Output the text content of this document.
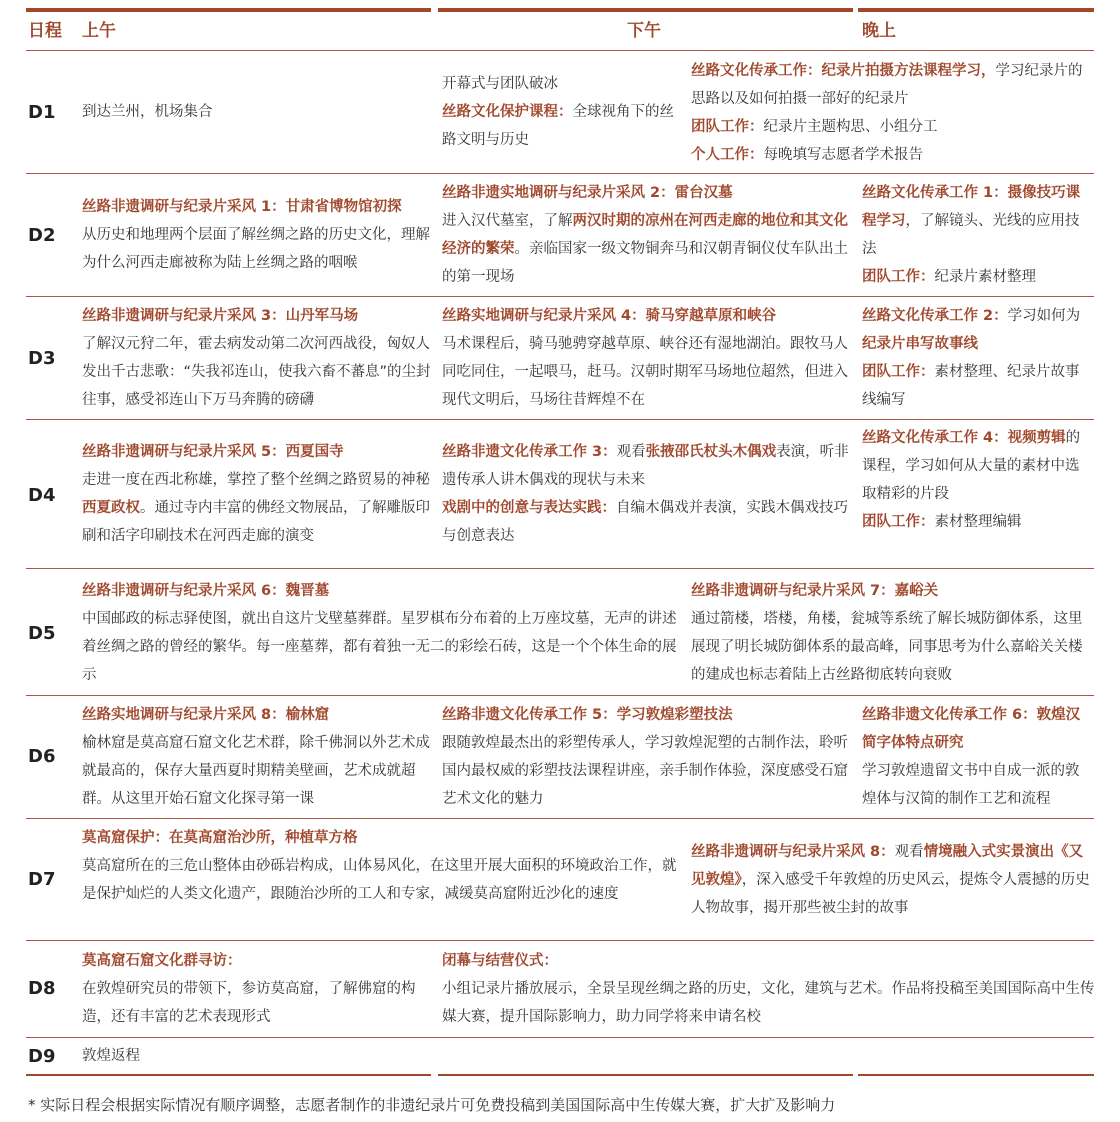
日程 上午	下午	晚上
D1
D2
D3
D4
D5
D6
D7
D8
D9

到达兰州，机场集合

开幕式与团队破冰

丝路文化保护课程：全球视角下的丝路文明与历史

丝路文化传承工作：纪录片拍摄方法课程学习，学习纪录片的思路以及如何拍摄一部好的纪录片

团队工作：纪录片主题构思、小组分工

个人工作：每晚填写志愿者学术报告

丝路非遗调研与纪录片采风 1：甘肃省博物馆初探

从历史和地理两个层面了解丝绸之路的历史文化，理解为什么河西走廊被称为陆上丝绸之路的咽喉

丝路非遗实地调研与纪录片采风 2：雷台汉墓

进入汉代墓室，了解两汉时期的凉州在河西走廊的地位和其文化经济的繁荣。亲临国家一级文物铜奔马和汉朝青铜仪仗车队出土的第一现场

丝路文化传承工作 1：摄像技巧课程学习，了解镜头、光线的应用技法

团队工作：纪录片素材整理

丝路非遗调研与纪录片采风 3：山丹军马场

了解汉元狩二年，霍去病发动第二次河西战役，匈奴人发出千古悲歌：“失我祁连山，使我六畜不蕃息”的尘封往事，感受祁连山下万马奔腾的磅礴

丝路实地调研与纪录片采风 4：骑马穿越草原和峡谷

马术课程后，骑马驰骋穿越草原、峡谷还有湿地湖泊。跟牧马人同吃同住，一起喂马，赶马。汉朝时期军马场地位超然，但进入现代文明后，马场往昔辉煌不在

丝路文化传承工作 2：学习如何为纪录片串写故事线

团队工作：素材整理、纪录片故事线编写

丝路非遗调研与纪录片采风 5：西夏国寺

走进一度在西北称雄，掌控了整个丝绸之路贸易的神秘西夏政权。通过寺内丰富的佛经文物展品，了解雕版印刷和活字印刷技术在河西走廊的演变

丝路非遗文化传承工作 3：观看张掖邵氏杖头木偶戏表演，听非遗传承人讲木偶戏的现状与未来

戏剧中的创意与表达实践：自编木偶戏并表演，实践木偶戏技巧与创意表达

丝路文化传承工作 4：视频剪辑的课程，学习如何从大量的素材中选取精彩的片段

团队工作：素材整理编辑

丝路非遗调研与纪录片采风 6：魏晋墓

中国邮政的标志驿使图，就出自这片戈壁墓葬群。星罗棋布分布着的上万座坟墓，无声的讲述着丝绸之路的曾经的繁华。每一座墓葬，都有着独一无二的彩绘石砖，这是一个个体生命的展示

丝路非遗调研与纪录片采风 7：嘉峪关

通过箭楼，塔楼，角楼，瓮城等系统了解长城防御体系，这里展现了明长城防御体系的最高峰，同事思考为什么嘉峪关关楼的建成也标志着陆上古丝路彻底转向衰败

丝路实地调研与纪录片采风 8：榆林窟

榆林窟是莫高窟石窟文化艺术群，除千佛洞以外艺术成就最高的，保存大量西夏时期精美壁画，艺术成就超群。从这里开始石窟文化探寻第一课

丝路非遗文化传承工作 5：学习敦煌彩塑技法

跟随敦煌最杰出的彩塑传承人，学习敦煌泥塑的古制作法，聆听国内最权威的彩塑技法课程讲座，亲手制作体验，深度感受石窟艺术文化的魅力

丝路非遗文化传承工作 6：敦煌汉简字体特点研究

学习敦煌遗留文书中自成一派的敦煌体与汉简的制作工艺和流程

莫高窟保护：在莫高窟治沙所，种植草方格

莫高窟所在的三危山整体由砂砾岩构成，山体易风化，在这里开展大面积的环境政治工作，就是保护灿烂的人类文化遗产，跟随治沙所的工人和专家，减缓莫高窟附近沙化的速度

丝路非遗调研与纪录片采风 8：观看情境融入式实景演出《又见敦煌》，深入感受千年敦煌的历史风云，提炼令人震撼的历史人物故事，揭开那些被尘封的故事

莫高窟石窟文化群寻访：

在敦煌研究员的带领下，参访莫高窟，了解佛窟的构造，还有丰富的艺术表现形式

闭幕与结营仪式：

小组记录片播放展示，全景呈现丝绸之路的历史，文化，建筑与艺术。作品将投稿至美国国际高中生传媒大赛，提升国际影响力，助力同学将来申请名校

敦煌返程

* 实际日程会根据实际情况有顺序调整，志愿者制作的非遗纪录片可免费投稿到美国国际高中生传媒大赛，扩大扩及影响力
